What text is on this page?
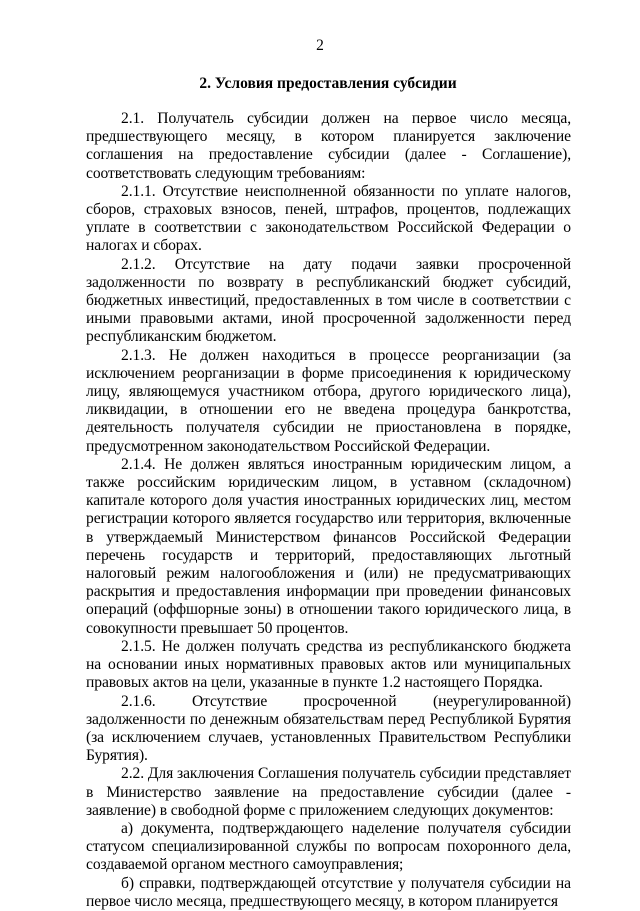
2
2. Условия предоставления субсидии

2.1. Получатель субсидии должен на первое число месяца, предшествующего месяцу, в котором планируется заключение соглашения на предоставление субсидии (далее - Соглашение), соответствовать следующим требованиям:

2.1.1. Отсутствие неисполненной обязанности по уплате налогов, сборов, страховых взносов, пеней, штрафов, процентов, подлежащих уплате в соответствии с законодательством Российской Федерации о налогах и сборах.

2.1.2. Отсутствие на дату подачи заявки просроченной задолженности по возврату в республиканский бюджет субсидий, бюджетных инвестиций, предоставленных в том числе в соответствии с иными правовыми актами, иной просроченной задолженности перед республиканским бюджетом.

2.1.3. Не должен находиться в процессе реорганизации (за исключением реорганизации в форме присоединения к юридическому лицу, являющемуся участником отбора, другого юридического лица), ликвидации, в отношении его не введена процедура банкротства, деятельность получателя субсидии не приостановлена в порядке, предусмотренном законодательством Российской Федерации.

2.1.4. Не должен являться иностранным юридическим лицом, а также российским юридическим лицом, в уставном (складочном) капитале которого доля участия иностранных юридических лиц, местом регистрации которого является государство или территория, включенные в утверждаемый Министерством финансов Российской Федерации перечень государств и территорий, предоставляющих льготный налоговый режим налогообложения и (или) не предусматривающих раскрытия и предоставления информации при проведении финансовых операций (оффшорные зоны) в отношении такого юридического лица, в совокупности превышает 50 процентов.

2.1.5. Не должен получать средства из республиканского бюджета на основании иных нормативных правовых актов или муниципальных правовых актов на цели, указанные в пункте 1.2 настоящего Порядка.

2.1.6. Отсутствие просроченной (неурегулированной) задолженности по денежным обязательствам перед Республикой Бурятия (за исключением случаев, установленных Правительством Республики Бурятия).

2.2. Для заключения Соглашения получатель субсидии представляет в Министерство заявление на предоставление субсидии (далее - заявление) в свободной форме с приложением следующих документов:

а) документа, подтверждающего наделение получателя субсидии статусом специализированной службы по вопросам похоронного дела, создаваемой органом местного самоуправления;

б) справки, подтверждающей отсутствие у получателя субсидии на первое число месяца, предшествующего месяцу, в котором планируется
